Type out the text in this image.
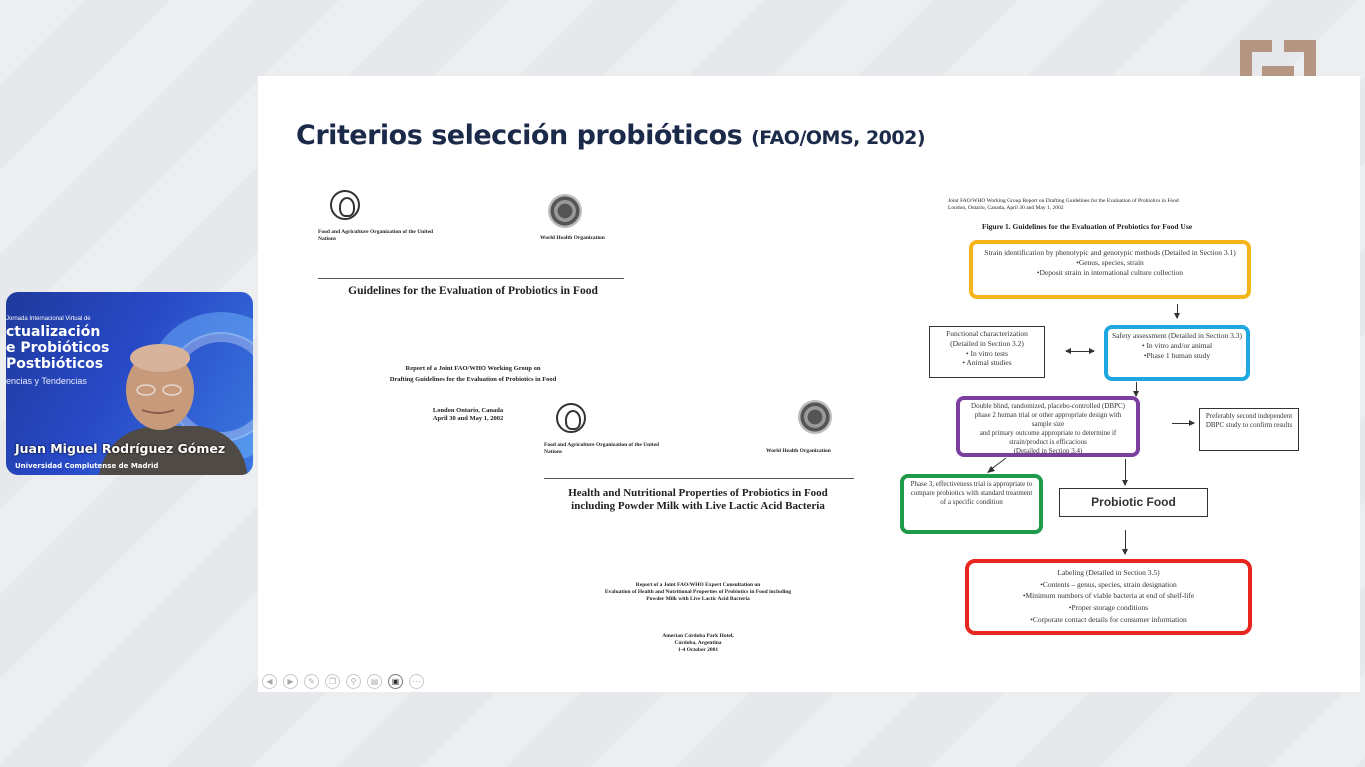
Criterios selección probióticos (FAO/OMS, 2002)
Food and Agriculture Organization of the United Nations	World Health Organization
Guidelines for the Evaluation of Probiotics in Food
Report of a Joint FAO/WHO Working Group on
Drafting Guidelines for the Evaluation of Probiotics in Food
London Ontario, Canada
April 30 and May 1, 2002
Food and Agriculture Organization of the United Nations	World Health Organization
Health and Nutritional Properties of Probiotics in Food including Powder Milk with Live Lactic Acid Bacteria
Report of a Joint FAO/WHO Expert Consultation on
Evaluation of Health and Nutritional Properties of Probiotics in Food including
Powder Milk with Live Lactic Acid Bacteria
Amerian Córdoba Park Hotel,
Córdoba, Argentina
1-4 October 2001
Joint FAO/WHO Working Group Report on Drafting Guidelines for the Evaluation of Probiotics in Food
London, Ontario, Canada, April 30 and May 1, 2002
Figure 1. Guidelines for the Evaluation of Probiotics for Food Use
Strain identification by phenotypic and genotypic methods (Detailed in Section 3.1)
•Genus, species, strain
•Deposit strain in international culture collection
Functional characterization
(Detailed in Section 3.2)
• In vitro tests
• Animal studies
Safety assessment (Detailed in Section 3.3)
• In vitro and/or animal
•Phase 1 human study
Double blind, randomized, placebo-controlled (DBPC) phase 2 human trial or other appropriate design with sample size
and primary outcome appropriate to determine if strain/product is efficacious
(Detailed in Section 3.4)
Preferably second independent DBPC study to confirm results
Phase 3, effectiveness trial is appropriate to compare probiotics with standard treatment of a specific condition	Probiotic Food
Labeling (Detailed in Section 3.5)
•Contents – genus, species, strain designation
•Minimum numbers of viable bacteria at end of shelf-life
•Proper storage conditions
•Corporate contact details for consumer information
◀	▶	✎	❐	⚲	▤	▣	⋯
Jornada Internacional Virtual de
ctualización
e Probióticos
Postbióticos
encias y Tendencias
Juan Miguel Rodríguez Gómez
Universidad Complutense de Madrid
